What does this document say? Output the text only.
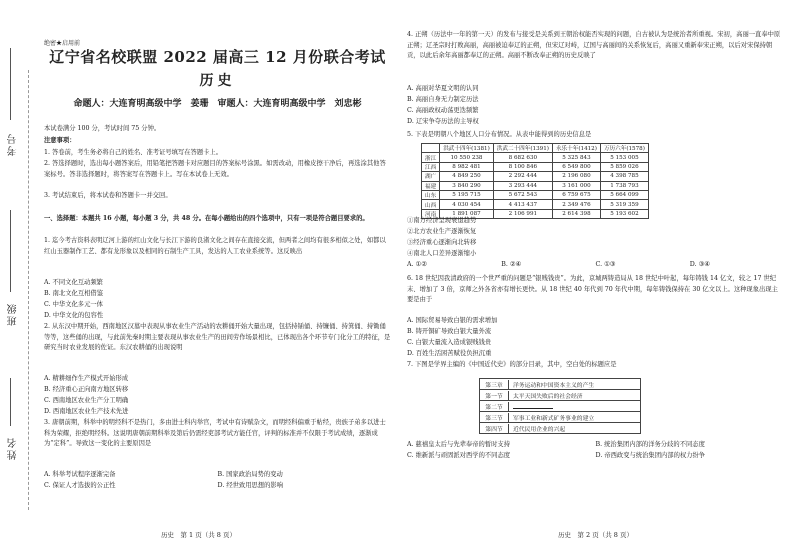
考号
班级
姓名
绝密★启用前
辽宁省名校联盟 2022 届高三 12 月份联合考试
历史
命题人：大连育明高级中学　姜珊　审题人：大连育明高级中学　刘忠彬
本试卷满分 100 分，考试时间 75 分钟。
注意事项：
1. 答卷前，考生务必将自己的姓名、准考证号填写在答题卡上。
2. 答选择题时，选出每小题答案后，用铅笔把答题卡对应题目的答案标号涂黑。如需改动，用橡皮擦干净后，再选涂其他答案标号。答非选择题时，将答案写在答题卡上。写在本试卷上无效。
3. 考试结束后，将本试卷和答题卡一并交回。
一、选择题：本题共 16 小题，每小题 3 分，共 48 分。在每小题给出的四个选项中，只有一项是符合题目要求的。
1. 迄今考古资料表明辽河上游的红山文化与长江下游的良渚文化之间存在直接交流，但两者之间均有很多相似之处，如都以红山玉器制作工艺、都有龙形象以及相同的石制生产工具，发达的人工农业系统等。这反映出
A. 不同文化互动频繁
B. 南北文化互相借鉴
C. 中华文化多元一体
D. 中华文化的包容性
2. 从东汉中期开始，西南地区汉墓中表现从事农业生产活动的农耕俑开始大量出现，包括持锸俑、持镰俑、持箕俑、持锄俑等等，这些俑的出现，与此前先秦时期主要表现从事农业生产的田间劳作场景相比，已体现出各个环节专门化分工的特征，是研究当时农业发展的佐证。东汉农耕俑的出现说明
A. 精耕细作生产模式开始形成
B. 经济重心正向南方地区转移
C. 西南地区农业生产分工明确
D. 西南地区农业生产技术先进
3. 唐朝前期，科举中的明经科不是热门，多由进士科内举官，考试中有诗赋杂文，而明经科偏重于帖经，贵族子弟多以进士科为荣耀，拒绝明经科。这说明唐朝前期科举及第后仍需经吏部考试方能任官，评判的标准并不仅限于考试成绩，逐渐成为“定科”。导致这一变化的主要原因是
A. 科举考试程序逐渐完备	B. 国家政治局势的变动
C. 保证人才选拔的公正性	D. 经世致用思想的影响
历史　第 1 页（共 8 页）
4. 正朔（历法中一年的第一天）的发布与接受是关系到王朝治权能否实现的问题，自古被认为是统治者所重视。宋初，高丽一直奉中原正朔；辽圣宗时打败高丽，高丽被迫奉辽的正朔，但宋辽对峙，辽国与高丽间的关系恢复后，高丽又重新奉宋正朔，以后对宋保持朝贡，以此后余年高丽都奉辽的正朔。高丽不断改奉正朔的历史反映了
A. 高丽对华夏文明的认同
B. 高丽自身无力制定历法
C. 高丽政权动荡更迭频繁
D. 辽宋争夺历法的主导权
5. 下表是明朝八个地区人口分布情况。从表中能得到的历史信息是
	洪武十四年(1381)	洪武二十四年(1391)	永乐十年(1412)	万历六年(1578)
浙江	10 550 238	8 682 630	5 325 843	5 153 005
江西	8 982 481	8 100 846	6 549 800	5 859 026
湖广	4 849 250	2 292 444	2 196 080	4 398 785
福建	3 840 290	3 293 444	3 161 000	1 738 793
山东	5 195 715	5 672 543	6 759 675	5 664 099
山西	4 030 454	4 413 437	2 349 476	5 319 359
河南	1 891 087	2 106 991	2 614 398	5 193 602
①南方经济呈现衰退趋势
②北方农业生产逐渐恢复
③经济重心逐渐向北转移
④南北人口差异逐渐缩小
A. ①②	B. ②④	C. ①③	D. ③④
6. 18 世纪因我清政府的一个世严重的问题是“银贱钱贵”。为此，京城两铸造局从 18 世纪中叶起，每年铸钱 14 亿文，较之 17 世纪末、增加了 3 倍，京师之外各省亦有增长更快。从 18 世纪 40 年代到 70 年代中期，每年铸钱保持在 30 亿文以上。这种现象出现主要是由于
A. 国际贸易导致白银的需求增加
B. 铸开铜矿导致白银大量外流
C. 白银大量流入造成银贱钱贵
D. 百姓生活困苦赋役负担沉重
7. 下图是学界主编的《中国近代史》的部分目录，其中，空白处的标题应是
第三章	洋务运动和中国资本主义的产生
第一节	太平天国失败后的社会经济
第二节
第三节	军事工业和新式矿务事业的建立
第四节	近代民用企业的兴起
A. 慈禧皇太后与先辈奉帝的暂时支持	B. 统治集团内部的洋务分歧的不同态度
C. 维新派与顽固派对西学的不同态度	D. 帝西政变与统治集团内部的权力纷争
历史　第 2 页（共 8 页）
